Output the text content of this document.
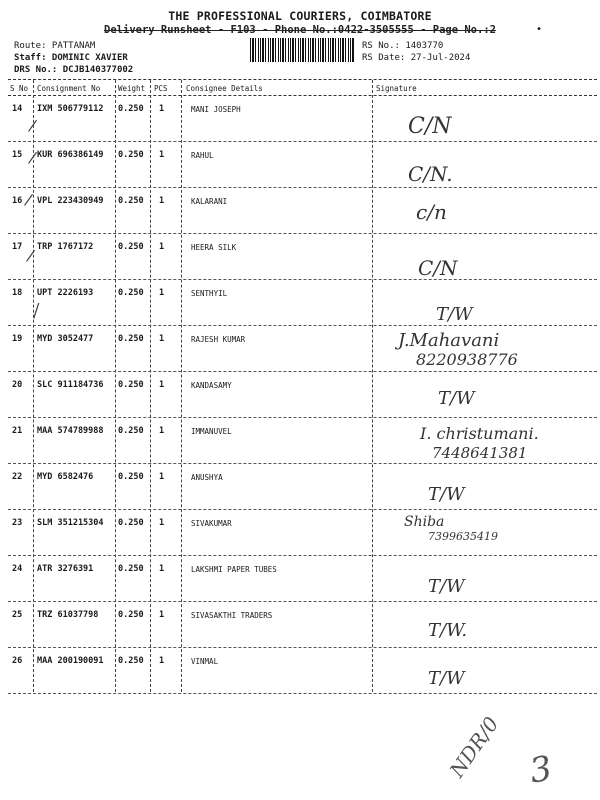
THE PROFESSIONAL COURIERS, COIMBATORE
Delivery Runsheet - F103 - Phone No.:0422-3505555 - Page No.:2	•
Route: PATTANAM
Staff: DOMINIC XAVIER
DRS No.: DCJB140377002
RS No.: 1403770
RS Date: 27-Jul-2024
S No Consignment No Weight PCS Consignee Details	Signature
14 IXM 506779112 0.250 1	MANI JOSEPH
/	C/N
15 KUR 696386149 0.250 1	RAHUL
/
C/N.
16 VPL 223430949 0.250 1	KALARANI
/
c/n
17 TRP 1767172	0.250 1	HEERA SILK
/
C/N
18 UPT 2226193	0.250 1	SENTHYIL
|	T/W
19 MYD 3052477	0.250 1	RAJESH KUMAR	J.Mahavani
8220938776
20 SLC 911184736 0.250 1	KANDASAMY
T/W
21 MAA 574789988 0.250 1	IMMANUVEL	I. christumani.
7448641381
22 MYD 6582476	0.250 1	ANUSHYA
T/W
23 SLM 351215304 0.250 1	SIVAKUMAR	Shiba
7399635419
24 ATR 3276391	0.250 1	LAKSHMI PAPER TUBES
T/W
25 TRZ 61037798 0.250 1	SIVASAKTHI TRADERS
T/W.
26 MAA 200190091 0.250 1	VINMAL
T/W
NDR/0 3
